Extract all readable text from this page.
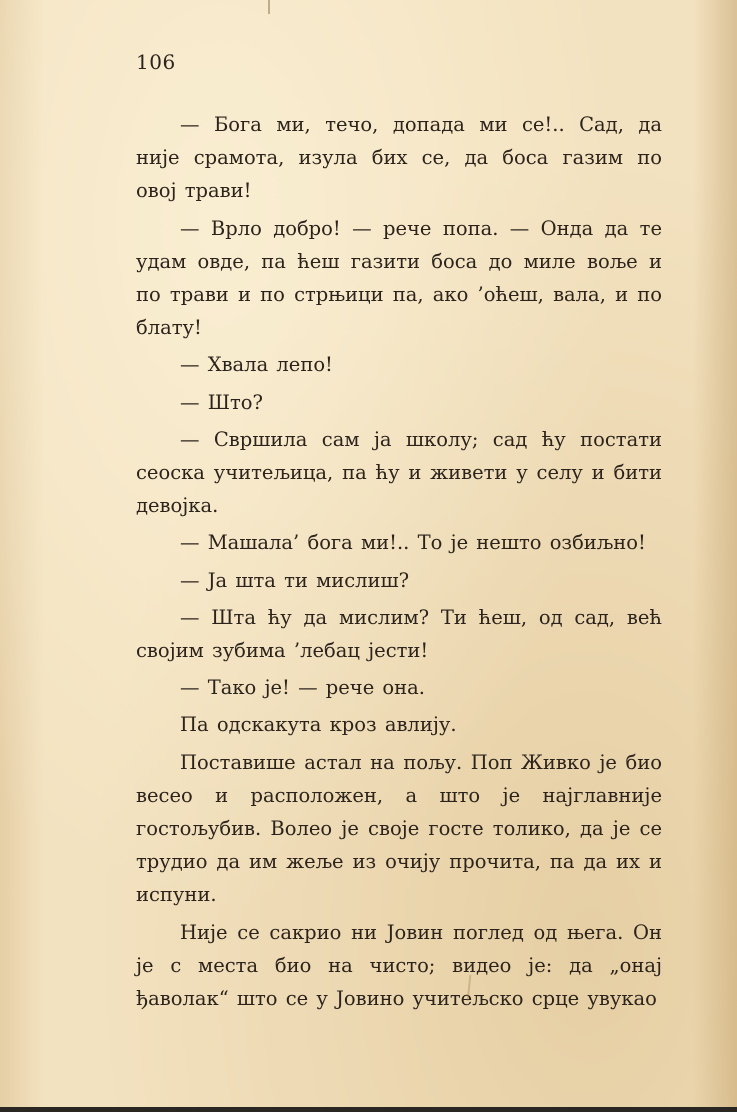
106

— Бога ми, течо, допада ми се!.. Сад, да није срамота, изула бих се, да боса газим по овој трави!

— Врло добро! — рече попа. — Онда да те удам овде, па ћеш газити боса до миле воље и по трави и по стрњици па, ако ’оћеш, вала, и по блату!

— Хвала лепо!

— Што?

— Свршила сам ја школу; сад ћу постати сеоска учитељица, па ћу и живети у селу и бити девојка.

— Машала’ бога ми!.. То је нешто озбиљно!

— Ја шта ти мислиш?

— Шта ћу да мислим? Ти ћеш, од сад, већ својим зубима ’лебац јести!

— Тако је! — рече она.

Па одскакута кроз авлију.

Поставише астал на пољу. Поп Живко је био весео и расположен, а што је најглавније гостољубив. Волео је своје госте толико, да је се трудио да им жеље из очију прочита, па да их и испуни.

Није се сакрио ни Јовин поглед од њега. Он је с места био на чисто; видео је: да „онај ђаволак“ што се у Јовино учитељско срце увукао
